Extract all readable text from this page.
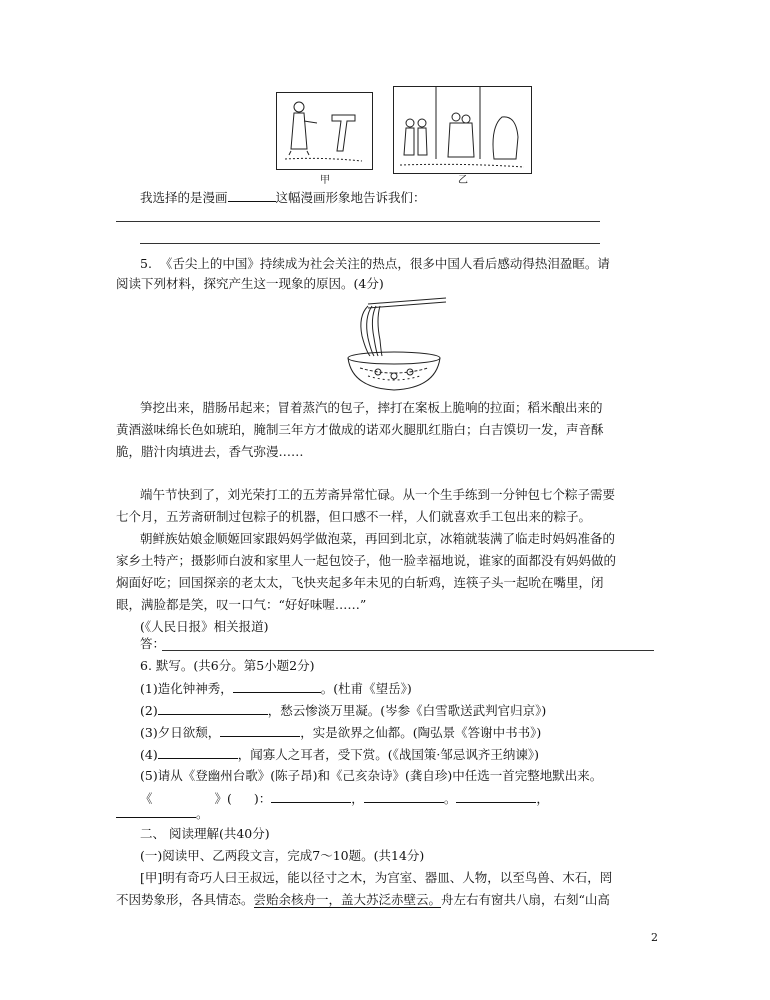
甲	乙
我选择的是漫画	这幅漫画形象地告诉我们：
5. 《舌尖上的中国》持续成为社会关注的热点，很多中国人看后感动得热泪盈眶。请
阅读下列材料，探究产生这一现象的原因。(4分)
笋挖出来，腊肠吊起来；冒着蒸汽的包子，摔打在案板上脆响的拉面；稻米酿出来的
黄酒滋味绵长色如琥珀，腌制三年方才做成的诺邓火腿肌红脂白；白吉馍切一发，声音酥
脆，腊汁肉填进去，香气弥漫……
端午节快到了，刘光荣打工的五芳斋异常忙碌。从一个生手练到一分钟包七个粽子需要
七个月，五芳斋研制过包粽子的机器，但口感不一样，人们就喜欢手工包出来的粽子。
朝鲜族姑娘金顺姬回家跟妈妈学做泡菜，再回到北京，冰箱就装满了临走时妈妈准备的
家乡土特产；摄影师白波和家里人一起包饺子，他一脸幸福地说，谁家的面都没有妈妈做的
焖面好吃；回国探亲的老太太，飞快夹起多年未见的白斩鸡，连筷子头一起吮在嘴里，闭
眼，满脸都是笑，叹一口气：“好好味喔……”
(《人民日报》相关报道)
答：
6. 默写。(共6分。第5小题2分)
(1)造化钟神秀，	。(杜甫《望岳》)
(2)	，愁云惨淡万里凝。(岑参《白雪歌送武判官归京》)
(3)夕日欲颓，	，实是欲界之仙都。(陶弘景《答谢中书书》)
(4)	，闻寡人之耳者，受下赏。(《战国策·邹忌讽齐王纳谏》)
(5)请从《登幽州台歌》(陈子昂)和《己亥杂诗》(龚自珍)中任选一首完整地默出来。
《	》( )：	，	。	，
。
二、 阅读理解(共40分)
(一)阅读甲、乙两段文言，完成7～10题。(共14分)
[甲]明有奇巧人曰王叔远，能以径寸之木，为宫室、器皿、人物，以至鸟兽、木石，罔
不因势象形，各具情态。尝贻余核舟一，盖大苏泛赤壁云。舟左右有窗共八扇，右刻“山高
2
